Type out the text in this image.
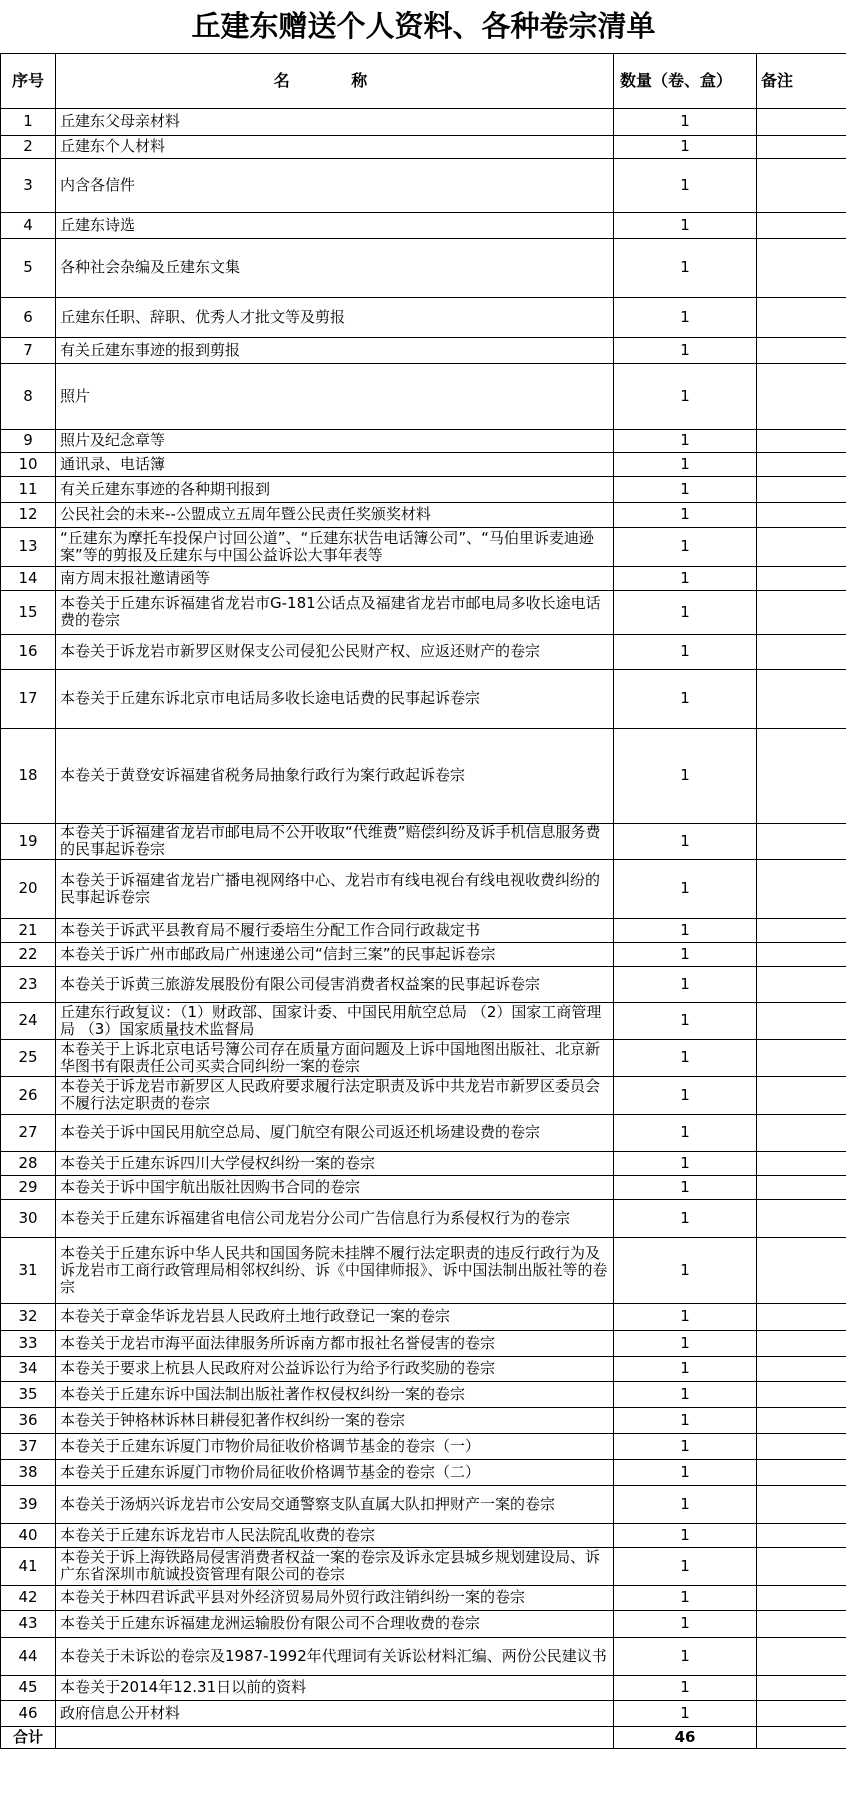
丘建东赠送个人资料、各种卷宗清单			
序号	名 称	数量（卷、盒）	备注
1	丘建东父母亲材料	1	
2	丘建东个人材料	1	
3	内含各信件	1	
4	丘建东诗选	1	
5	各种社会杂编及丘建东文集	1	
6	丘建东任职、辞职、优秀人才批文等及剪报	1	
7	有关丘建东事迹的报到剪报	1	
8	照片	1	
9	照片及纪念章等	1	
10	通讯录、电话簿	1	
11	有关丘建东事迹的各种期刊报到	1	
12	公民社会的未来--公盟成立五周年暨公民责任奖颁奖材料	1	
13	“丘建东为摩托车投保户讨回公道”、“丘建东状告电话簿公司”、“马伯里诉麦迪逊案”等的剪报及丘建东与中国公益诉讼大事年表等	1	
14	南方周末报社邀请函等	1	
15	本卷关于丘建东诉福建省龙岩市G-181公话点及福建省龙岩市邮电局多收长途电话费的卷宗	1	
16	本卷关于诉龙岩市新罗区财保支公司侵犯公民财产权、应返还财产的卷宗	1	
17	本卷关于丘建东诉北京市电话局多收长途电话费的民事起诉卷宗	1	
18	本卷关于黄登安诉福建省税务局抽象行政行为案行政起诉卷宗	1	
19	本卷关于诉福建省龙岩市邮电局不公开收取“代维费”赔偿纠纷及诉手机信息服务费的民事起诉卷宗	1	
20	本卷关于诉福建省龙岩广播电视网络中心、龙岩市有线电视台有线电视收费纠纷的民事起诉卷宗	1	
21	本卷关于诉武平县教育局不履行委培生分配工作合同行政裁定书	1	
22	本卷关于诉广州市邮政局广州速递公司“信封三案”的民事起诉卷宗	1	
23	本卷关于诉黄三旅游发展股份有限公司侵害消费者权益案的民事起诉卷宗	1	
24	丘建东行政复议：（1）财政部、国家计委、中国民用航空总局 （2）国家工商管理局 （3）国家质量技术监督局	1	
25	本卷关于上诉北京电话号簿公司存在质量方面问题及上诉中国地图出版社、北京新华图书有限责任公司买卖合同纠纷一案的卷宗	1	
26	本卷关于诉龙岩市新罗区人民政府要求履行法定职责及诉中共龙岩市新罗区委员会不履行法定职责的卷宗	1	
27	本卷关于诉中国民用航空总局、厦门航空有限公司返还机场建设费的卷宗	1	
28	本卷关于丘建东诉四川大学侵权纠纷一案的卷宗	1	
29	本卷关于诉中国宇航出版社因购书合同的卷宗	1	
30	本卷关于丘建东诉福建省电信公司龙岩分公司广告信息行为系侵权行为的卷宗	1	
31	本卷关于丘建东诉中华人民共和国国务院未挂牌不履行法定职责的违反行政行为及诉龙岩市工商行政管理局相邻权纠纷、诉《中国律师报》、诉中国法制出版社等的卷宗	1	
32	本卷关于章金华诉龙岩县人民政府土地行政登记一案的卷宗	1	
33	本卷关于龙岩市海平面法律服务所诉南方都市报社名誉侵害的卷宗	1	
34	本卷关于要求上杭县人民政府对公益诉讼行为给予行政奖励的卷宗	1	
35	本卷关于丘建东诉中国法制出版社著作权侵权纠纷一案的卷宗	1	
36	本卷关于钟格林诉林日耕侵犯著作权纠纷一案的卷宗	1	
37	本卷关于丘建东诉厦门市物价局征收价格调节基金的卷宗（一）	1	
38	本卷关于丘建东诉厦门市物价局征收价格调节基金的卷宗（二）	1	
39	本卷关于汤炳兴诉龙岩市公安局交通警察支队直属大队扣押财产一案的卷宗	1	
40	本卷关于丘建东诉龙岩市人民法院乱收费的卷宗	1	
41	本卷关于诉上海铁路局侵害消费者权益一案的卷宗及诉永定县城乡规划建设局、诉广东省深圳市航诚投资管理有限公司的卷宗	1	
42	本卷关于林四君诉武平县对外经济贸易局外贸行政注销纠纷一案的卷宗	1	
43	本卷关于丘建东诉福建龙洲运输股份有限公司不合理收费的卷宗	1	
44	本卷关于未诉讼的卷宗及1987-1992年代理词有关诉讼材料汇编、两份公民建议书	1	
45	本卷关于2014年12.31日以前的资料	1	
46	政府信息公开材料	1	
合计		46	
